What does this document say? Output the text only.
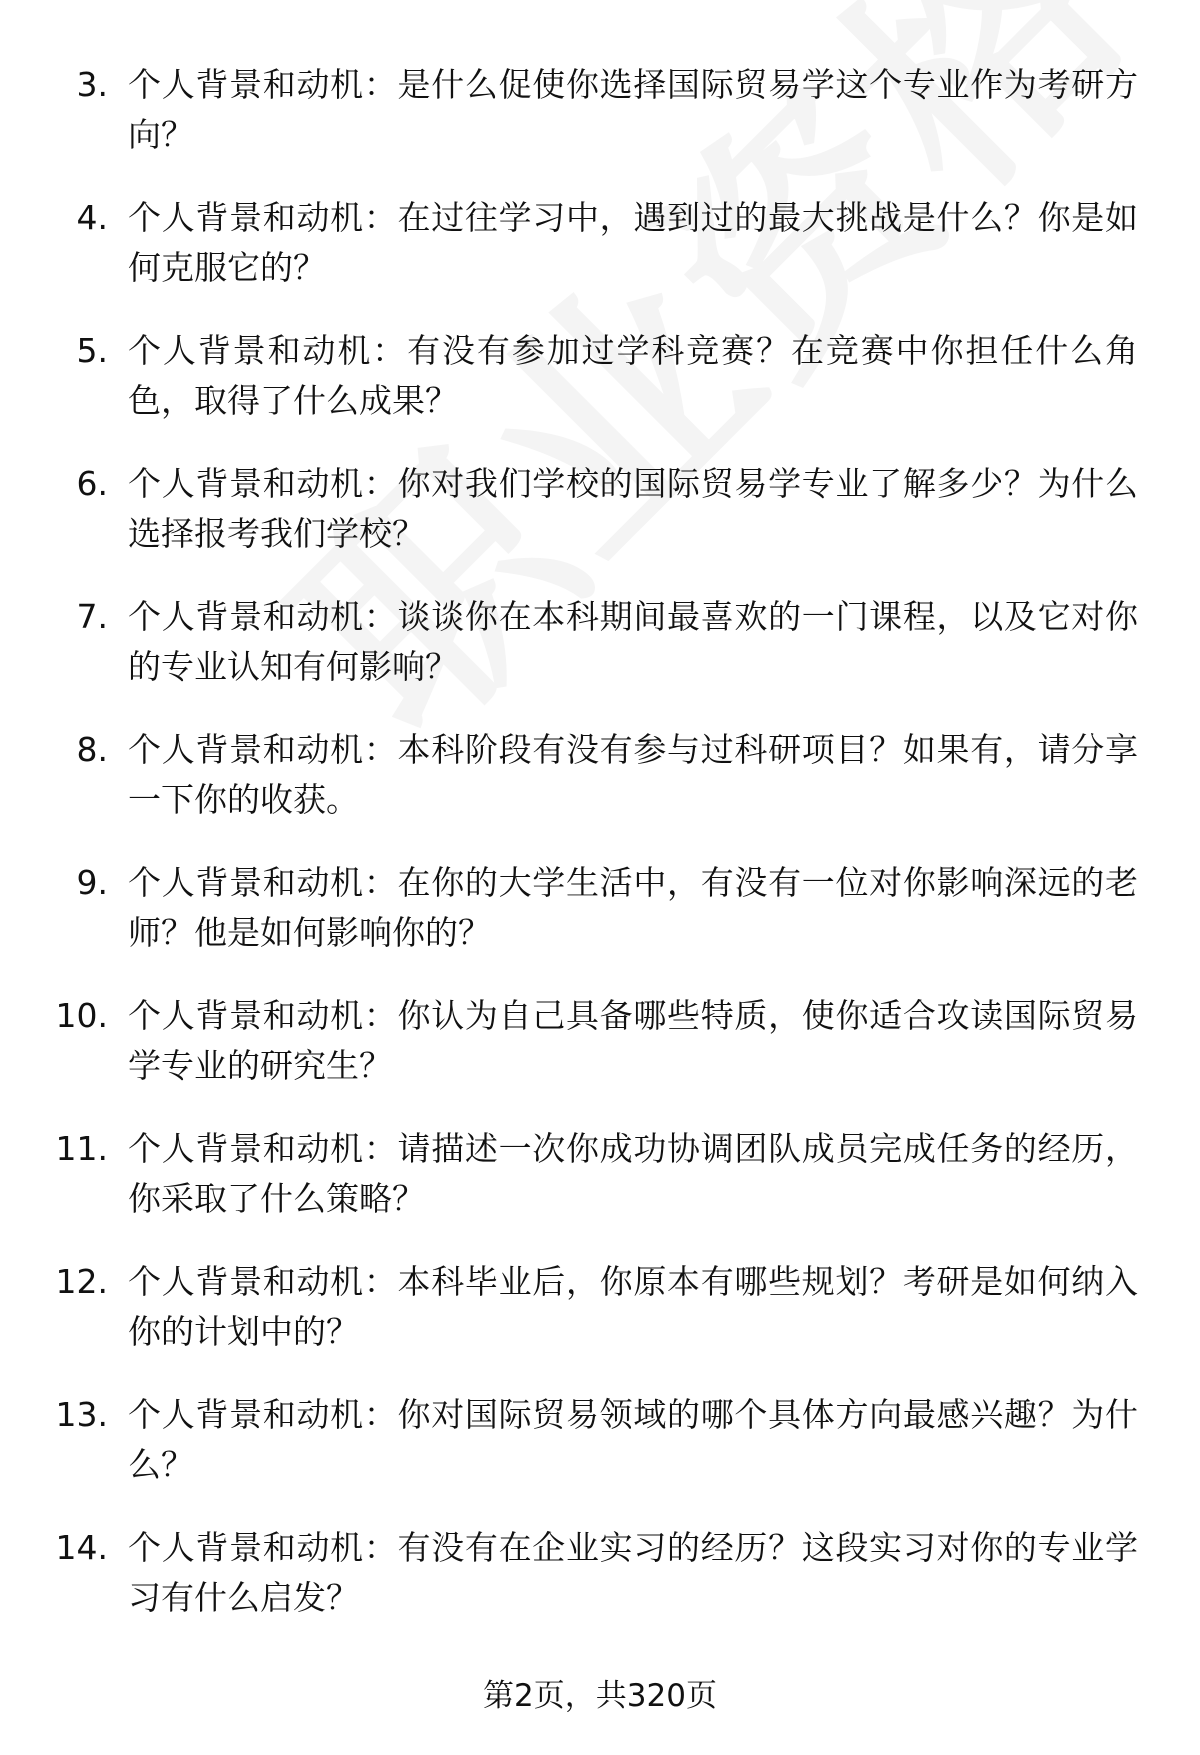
3. 个人背景和动机：是什么促使你选择国际贸易学这个专业作为考研方向？
4. 个人背景和动机：在过往学习中，遇到过的最大挑战是什么？你是如何克服它的？
5. 个人背景和动机：有没有参加过学科竞赛？在竞赛中你担任什么角色，取得了什么成果？
6. 个人背景和动机：你对我们学校的国际贸易学专业了解多少？为什么选择报考我们学校？
7. 个人背景和动机：谈谈你在本科期间最喜欢的一门课程，以及它对你的专业认知有何影响？
8. 个人背景和动机：本科阶段有没有参与过科研项目？如果有，请分享一下你的收获。
9. 个人背景和动机：在你的大学生活中，有没有一位对你影响深远的老师？他是如何影响你的？
10. 个人背景和动机：你认为自己具备哪些特质，使你适合攻读国际贸易学专业的研究生？
11. 个人背景和动机：请描述一次你成功协调团队成员完成任务的经历，你采取了什么策略？
12. 个人背景和动机：本科毕业后，你原本有哪些规划？考研是如何纳入你的计划中的？
13. 个人背景和动机：你对国际贸易领域的哪个具体方向最感兴趣？为什么？
14. 个人背景和动机：有没有在企业实习的经历？这段实习对你的专业学习有什么启发？
第2页，共320页
